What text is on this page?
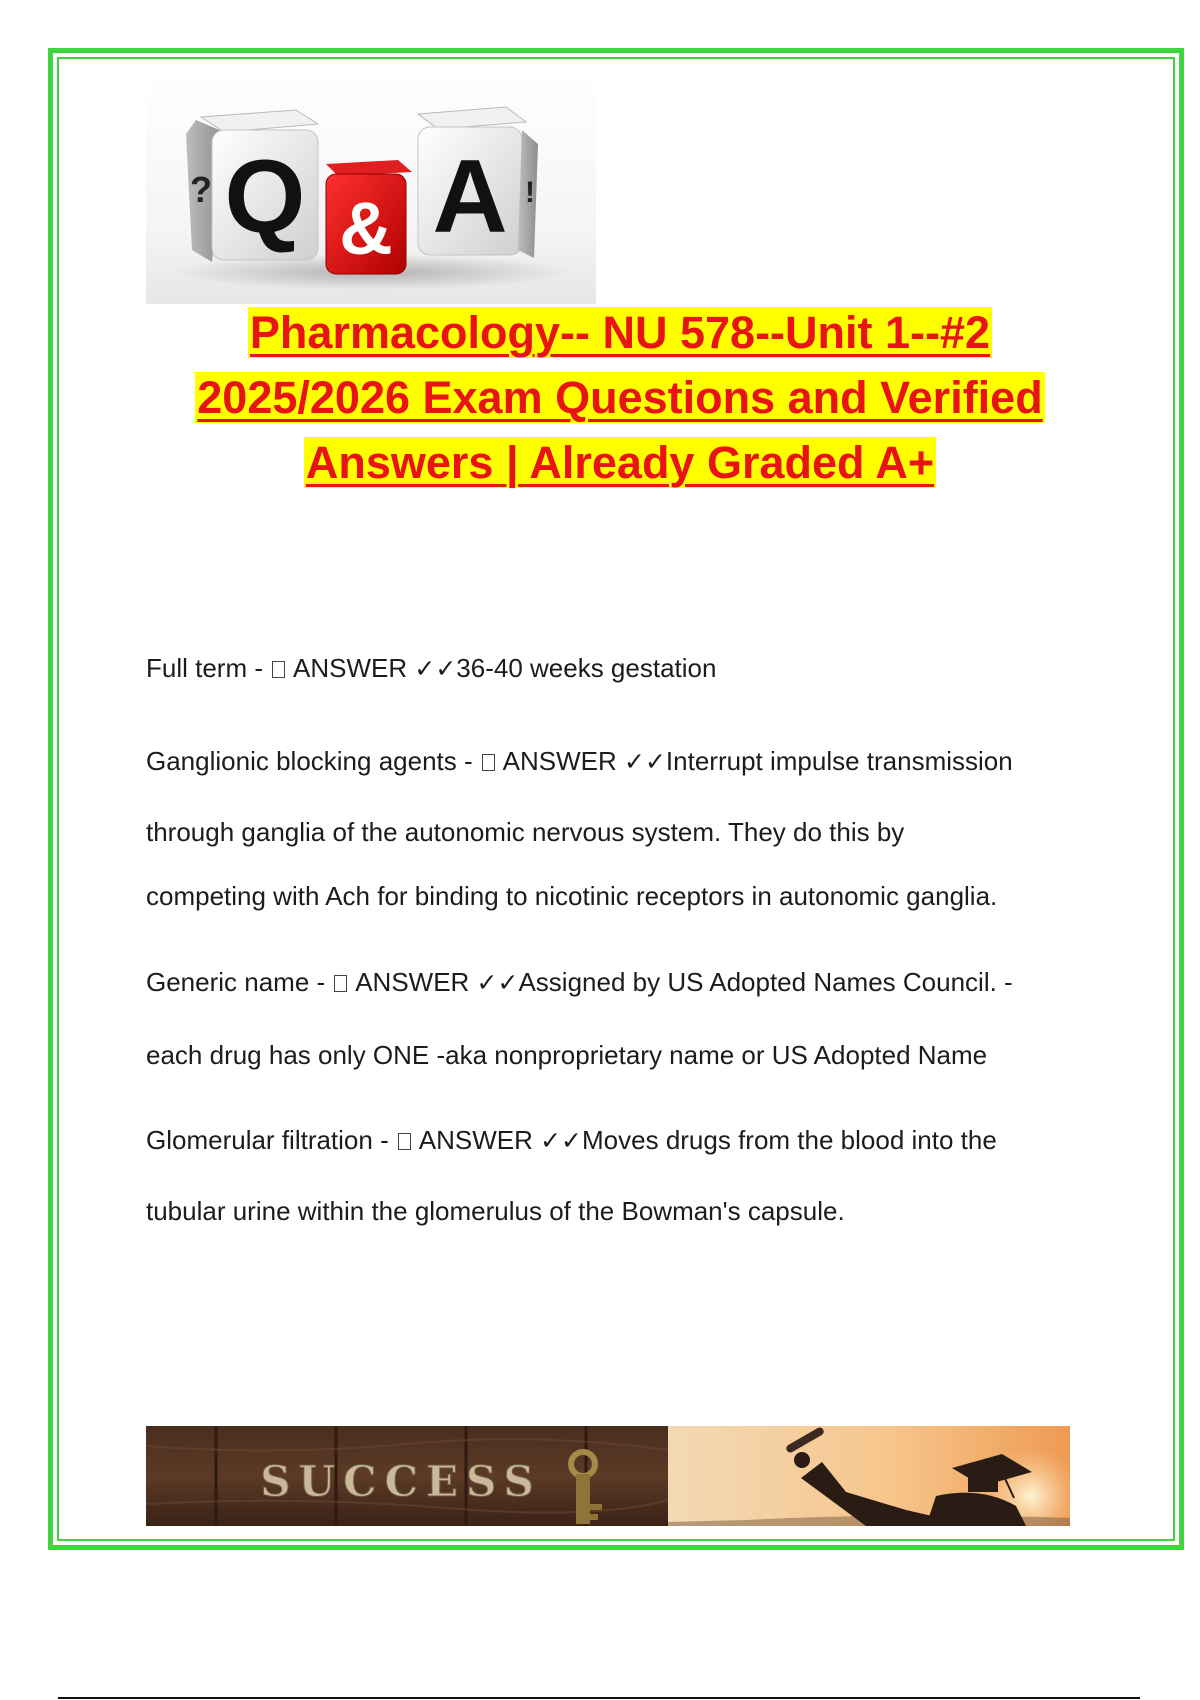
Q
? A !
&
Pharmacology-- NU 578--Unit 1--#2
2025/2026 Exam Questions and Verified
Answers | Already Graded A+
Full term -  ANSWER ✓✓36-40 weeks gestation
Ganglionic blocking agents -  ANSWER ✓✓Interrupt impulse transmission
through ganglia of the autonomic nervous system. They do this by
competing with Ach for binding to nicotinic receptors in autonomic ganglia.
Generic name -  ANSWER ✓✓Assigned by US Adopted Names Council. -
each drug has only ONE -aka nonproprietary name or US Adopted Name
Glomerular filtration -  ANSWER ✓✓Moves drugs from the blood into the
tubular urine within the glomerulus of the Bowman's capsule.
SUCCESS
